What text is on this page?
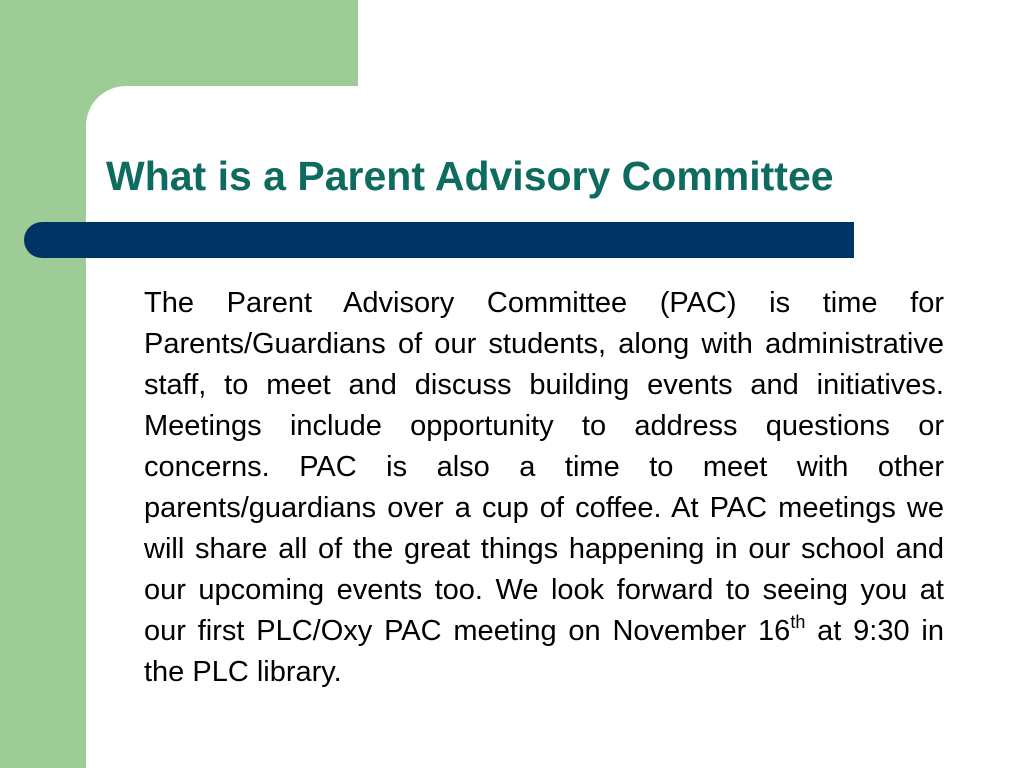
What is a Parent Advisory Committee

The Parent Advisory Committee (PAC) is time for Parents/Guardians of our students, along with administrative staff, to meet and discuss building events and initiatives. Meetings include opportunity to address questions or concerns. PAC is also a time to meet with other parents/guardians over a cup of coffee. At PAC meetings we will share all of the great things happening in our school and our upcoming events too. We look forward to seeing you at our first PLC/Oxy PAC meeting on November 16th at 9:30 in the PLC library.
